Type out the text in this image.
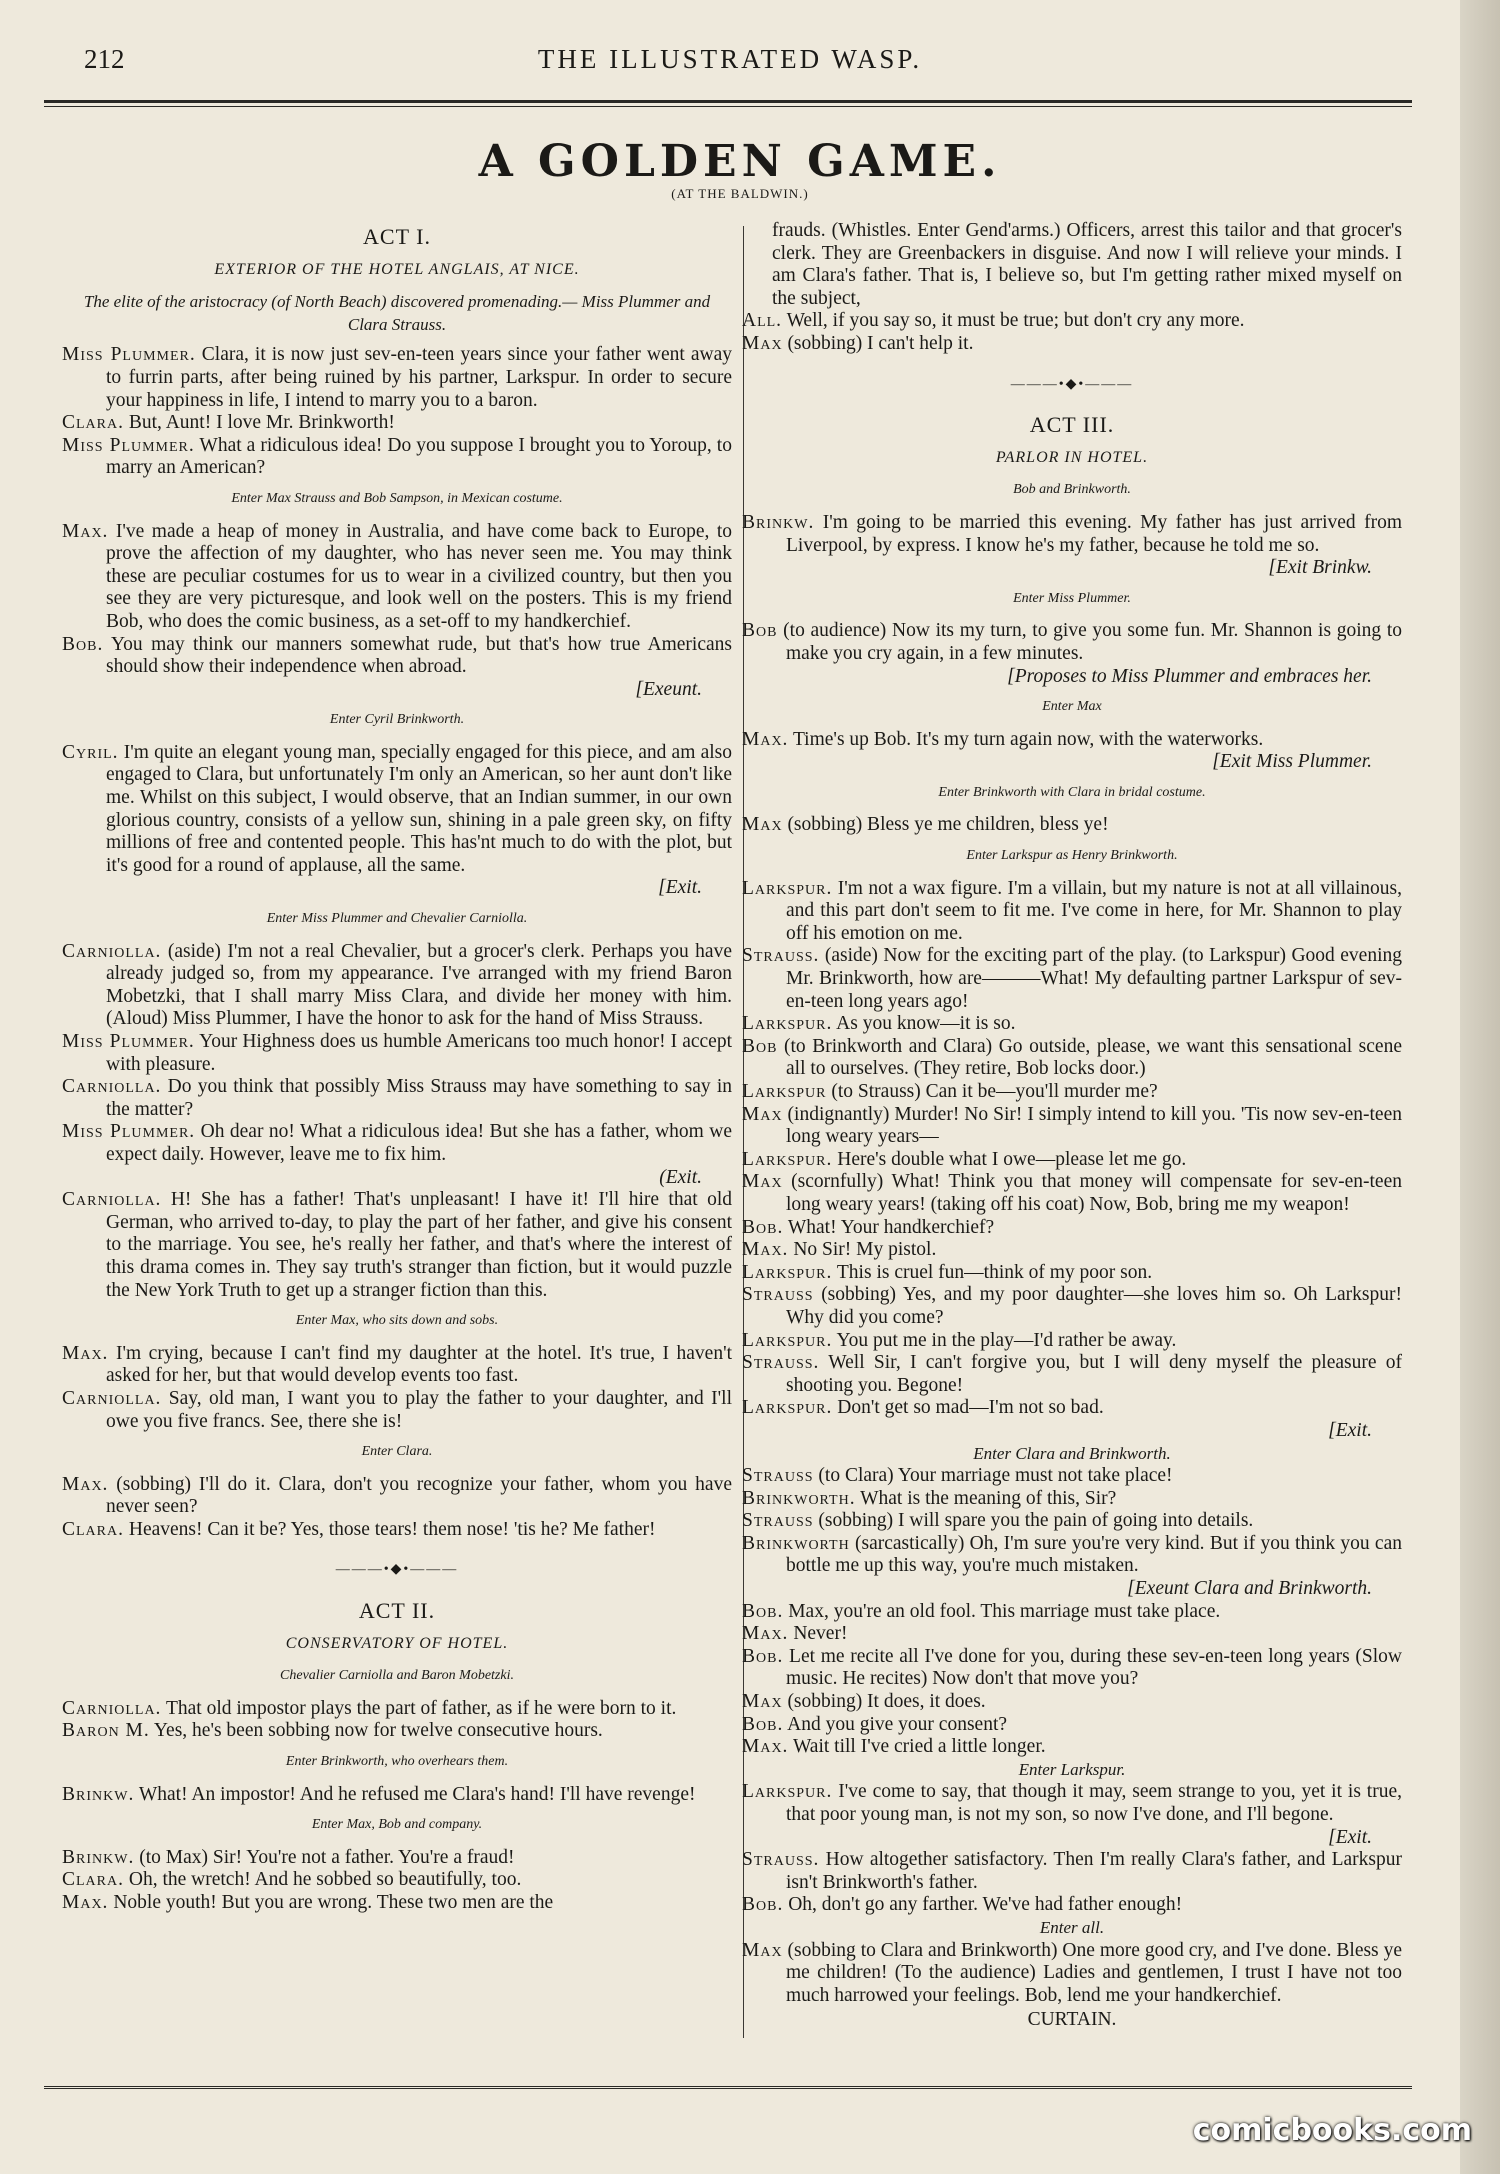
212	THE ILLUSTRATED WASP.
A GOLDEN GAME.
(AT THE BALDWIN.)
ACT I.
EXTERIOR OF THE HOTEL ANGLAIS, AT NICE.
The elite of the aristocracy (of North Beach) discovered promenading.— Miss Plummer and Clara Strauss.

Miss Plummer. Clara, it is now just sev-en-teen years since your father went away to furrin parts, after being ruined by his partner, Larkspur. In order to secure your happiness in life, I intend to marry you to a baron.

Clara. But, Aunt! I love Mr. Brinkworth!

Miss Plummer. What a ridiculous idea! Do you suppose I brought you to Yoroup, to marry an American?

Enter Max Strauss and Bob Sampson, in Mexican costume.

Max. I've made a heap of money in Australia, and have come back to Europe, to prove the affection of my daughter, who has never seen me. You may think these are peculiar costumes for us to wear in a civilized country, but then you see they are very picturesque, and look well on the posters. This is my friend Bob, who does the comic business, as a set-off to my handkerchief.

Bob. You may think our manners somewhat rude, but that's how true Americans should show their independence when abroad.
[Exeunt.

Enter Cyril Brinkworth.

Cyril. I'm quite an elegant young man, specially engaged for this piece, and am also engaged to Clara, but unfortunately I'm only an American, so her aunt don't like me. Whilst on this subject, I would observe, that an Indian summer, in our own glorious country, consists of a yellow sun, shining in a pale green sky, on fifty millions of free and contented people. This has'nt much to do with the plot, but it's good for a round of applause, all the same.
[Exit.

Enter Miss Plummer and Chevalier Carniolla.

Carniolla. (aside) I'm not a real Chevalier, but a grocer's clerk. Perhaps you have already judged so, from my appearance. I've arranged with my friend Baron Mobetzki, that I shall marry Miss Clara, and divide her money with him. (Aloud) Miss Plummer, I have the honor to ask for the hand of Miss Strauss.

Miss Plummer. Your Highness does us humble Americans too much honor! I accept with pleasure.

Carniolla. Do you think that possibly Miss Strauss may have something to say in the matter?

Miss Plummer. Oh dear no! What a ridiculous idea! But she has a father, whom we expect daily. However, leave me to fix him.
(Exit.

Carniolla. H! She has a father! That's unpleasant! I have it! I'll hire that old German, who arrived to-day, to play the part of her father, and give his consent to the marriage. You see, he's really her father, and that's where the interest of this drama comes in. They say truth's stranger than fiction, but it would puzzle the New York Truth to get up a stranger fiction than this.

Enter Max, who sits down and sobs.

Max. I'm crying, because I can't find my daughter at the hotel. It's true, I haven't asked for her, but that would develop events too fast.

Carniolla. Say, old man, I want you to play the father to your daughter, and I'll owe you five francs. See, there she is!

Enter Clara.

Max. (sobbing) I'll do it. Clara, don't you recognize your father, whom you have never seen?

Clara. Heavens! Can it be? Yes, those tears! them nose! 'tis he? Me father!

———•◆•———
ACT II.
CONSERVATORY OF HOTEL.
Chevalier Carniolla and Baron Mobetzki.

Carniolla. That old impostor plays the part of father, as if he were born to it.

Baron M. Yes, he's been sobbing now for twelve consecutive hours.

Enter Brinkworth, who overhears them.

Brinkw. What! An impostor! And he refused me Clara's hand! I'll have revenge!

Enter Max, Bob and company.

Brinkw. (to Max) Sir! You're not a father. You're a fraud!

Clara. Oh, the wretch! And he sobbed so beautifully, too.

Max. Noble youth! But you are wrong. These two men are the

frauds. (Whistles. Enter Gend'arms.) Officers, arrest this tailor and that grocer's clerk. They are Greenbackers in disguise. And now I will relieve your minds. I am Clara's father. That is, I believe so, but I'm getting rather mixed myself on the subject,

All. Well, if you say so, it must be true; but don't cry any more.

Max (sobbing) I can't help it.

———•◆•———
ACT III.
PARLOR IN HOTEL.
Bob and Brinkworth.

Brinkw. I'm going to be married this evening. My father has just arrived from Liverpool, by express. I know he's my father, because he told me so.
[Exit Brinkw.

Enter Miss Plummer.

Bob (to audience) Now its my turn, to give you some fun. Mr. Shannon is going to make you cry again, in a few minutes.
[Proposes to Miss Plummer and embraces her.

Enter Max

Max. Time's up Bob. It's my turn again now, with the waterworks.
[Exit Miss Plummer.

Enter Brinkworth with Clara in bridal costume.

Max (sobbing) Bless ye me children, bless ye!

Enter Larkspur as Henry Brinkworth.

Larkspur. I'm not a wax figure. I'm a villain, but my nature is not at all villainous, and this part don't seem to fit me. I've come in here, for Mr. Shannon to play off his emotion on me.

Strauss. (aside) Now for the exciting part of the play. (to Larkspur) Good evening Mr. Brinkworth, how are———What! My defaulting partner Larkspur of sev-en-teen long years ago!

Larkspur. As you know—it is so.

Bob (to Brinkworth and Clara) Go outside, please, we want this sensational scene all to ourselves. (They retire, Bob locks door.)

Larkspur (to Strauss) Can it be—you'll murder me?

Max (indignantly) Murder! No Sir! I simply intend to kill you. 'Tis now sev-en-teen long weary years—

Larkspur. Here's double what I owe—please let me go.

Max (scornfully) What! Think you that money will compensate for sev-en-teen long weary years! (taking off his coat) Now, Bob, bring me my weapon!

Bob. What! Your handkerchief?

Max. No Sir! My pistol.

Larkspur. This is cruel fun—think of my poor son.

Strauss (sobbing) Yes, and my poor daughter—she loves him so. Oh Larkspur! Why did you come?

Larkspur. You put me in the play—I'd rather be away.

Strauss. Well Sir, I can't forgive you, but I will deny myself the pleasure of shooting you. Begone!

Larkspur. Don't get so mad—I'm not so bad.
[Exit.

Enter Clara and Brinkworth.

Strauss (to Clara) Your marriage must not take place!

Brinkworth. What is the meaning of this, Sir?

Strauss (sobbing) I will spare you the pain of going into details.

Brinkworth (sarcastically) Oh, I'm sure you're very kind. But if you think you can bottle me up this way, you're much mistaken.
[Exeunt Clara and Brinkworth.

Bob. Max, you're an old fool. This marriage must take place.

Max. Never!

Bob. Let me recite all I've done for you, during these sev-en-teen long years (Slow music. He recites) Now don't that move you?

Max (sobbing) It does, it does.

Bob. And you give your consent?

Max. Wait till I've cried a little longer.

Enter Larkspur.

Larkspur. I've come to say, that though it may, seem strange to you, yet it is true, that poor young man, is not my son, so now I've done, and I'll begone.
[Exit.

Strauss. How altogether satisfactory. Then I'm really Clara's father, and Larkspur isn't Brinkworth's father.

Bob. Oh, don't go any farther. We've had father enough!

Enter all.

Max (sobbing to Clara and Brinkworth) One more good cry, and I've done. Bless ye me children! (To the audience) Ladies and gentlemen, I trust I have not too much harrowed your feelings. Bob, lend me your handkerchief.

CURTAIN.
comicbooks.com
